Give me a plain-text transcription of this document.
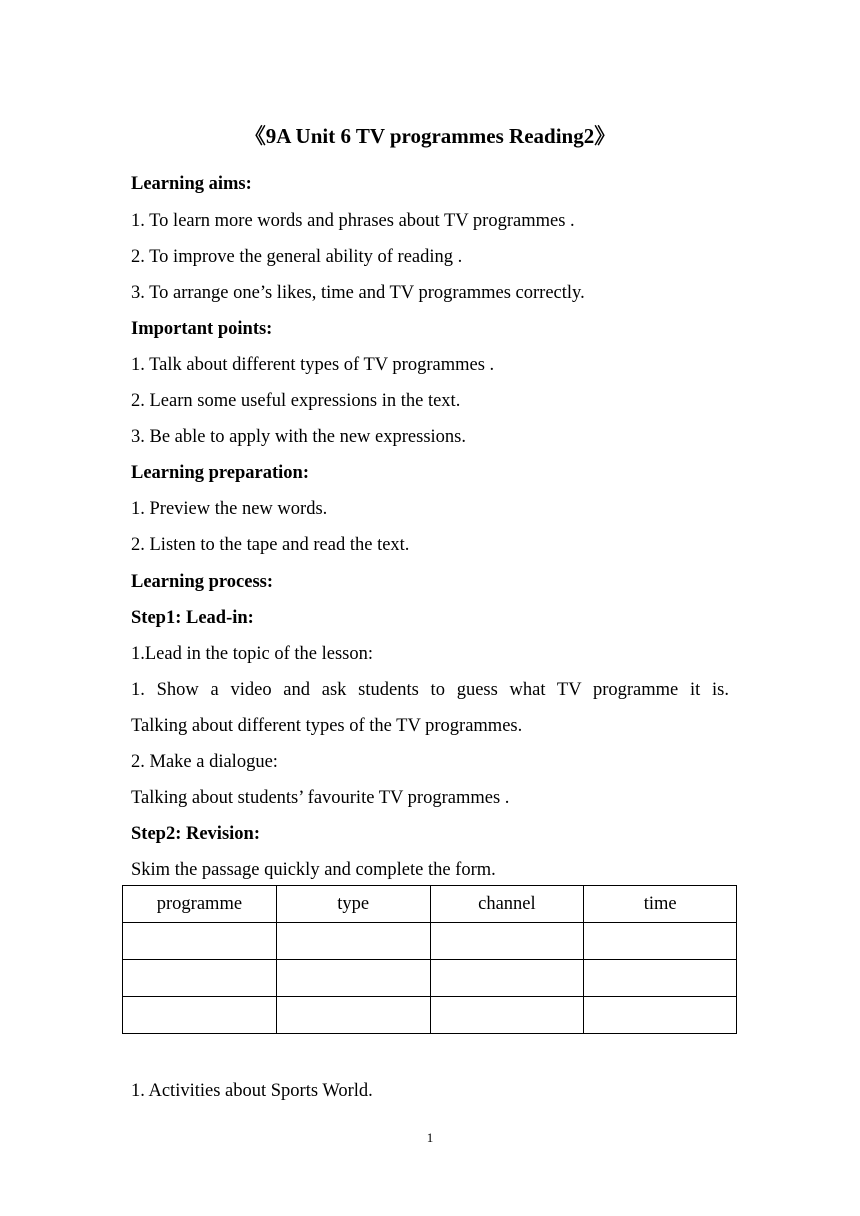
《9A Unit 6 TV programmes Reading2》
Learning aims:
1. To learn more words and phrases about TV programmes .
2. To improve the general ability of reading .
3. To arrange one’s likes, time and TV programmes correctly.
Important points:
1. Talk about different types of TV programmes .
2. Learn some useful expressions in the text.
3. Be able to apply with the new expressions.
Learning preparation:
1. Preview the new words.
2. Listen to the tape and read the text.
Learning process:
Step1: Lead-in:
1.Lead in the topic of the lesson:
1. Show a video and ask students to guess what TV programme it is.
Talking about different types of the TV programmes.
2. Make a dialogue:
Talking about students’ favourite TV programmes .
Step2: Revision:
Skim the passage quickly and complete the form.
programme	type	channel	time

1. Activities about Sports World.
1
